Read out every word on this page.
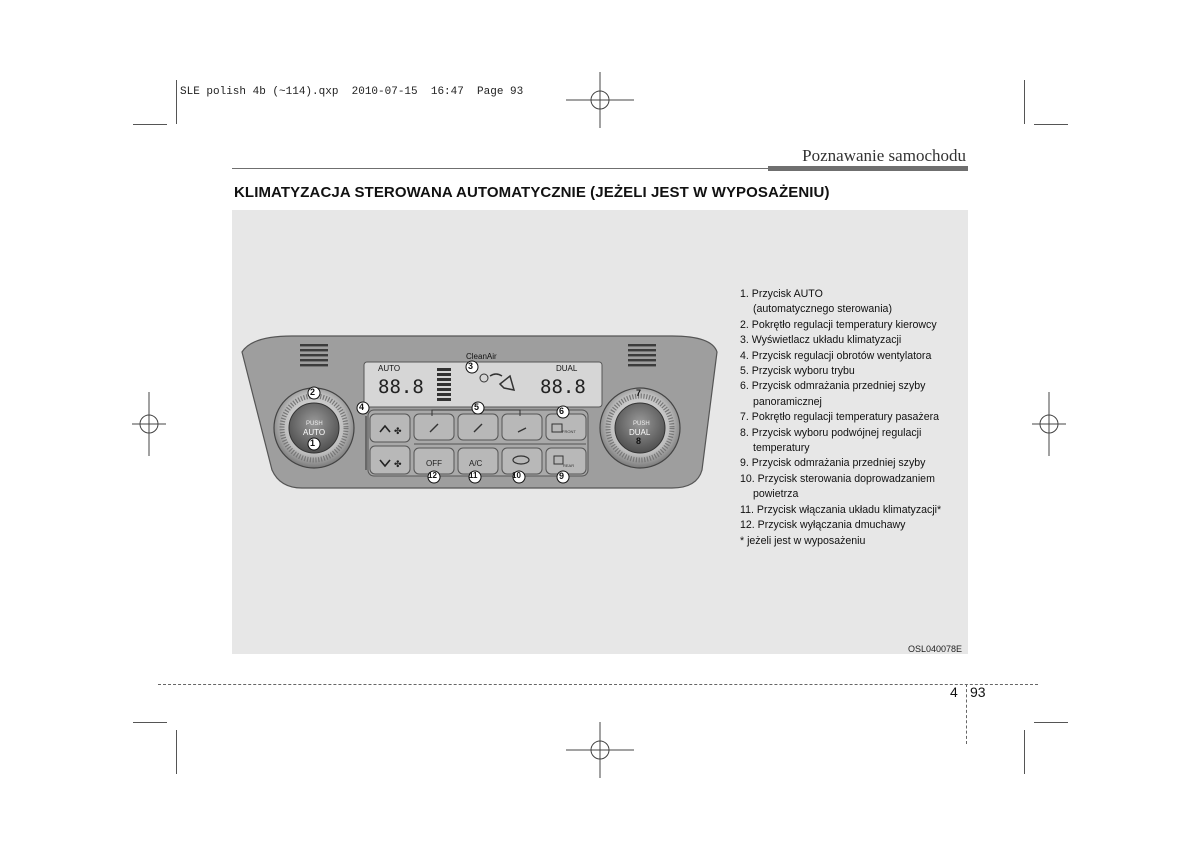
SLE polish 4b (~114).qxp  2010-07-15  16:47  Page 93
Poznawanie samochodu
KLIMATYZACJA STEROWANA AUTOMATYCZNIE (JEŻELI JEST W WYPOSAŻENIU)
✤
✤
AUTO	DUAL
CleanAir
88.8	88.8
PUSH
AUTO
PUSH
DUAL
OFF	A/C	REAR
FRONT
1
2
3
4	5	6
7
8
9
10
11
12
1. Przycisk AUTO
(automatycznego sterowania)
2. Pokrętło regulacji temperatury kierowcy
3. Wyświetlacz układu klimatyzacji
4. Przycisk regulacji obrotów wentylatora
5. Przycisk wyboru trybu
6. Przycisk odmrażania przedniej szyby
panoramicznej
7. Pokrętło regulacji temperatury pasażera
8. Przycisk wyboru podwójnej regulacji
temperatury
9. Przycisk odmrażania przedniej szyby
10. Przycisk sterowania doprowadzaniem
powietrza
11. Przycisk włączania układu klimatyzacji*
12. Przycisk wyłączania dmuchawy
* jeżeli jest w wyposażeniu
OSL040078E
4 93
